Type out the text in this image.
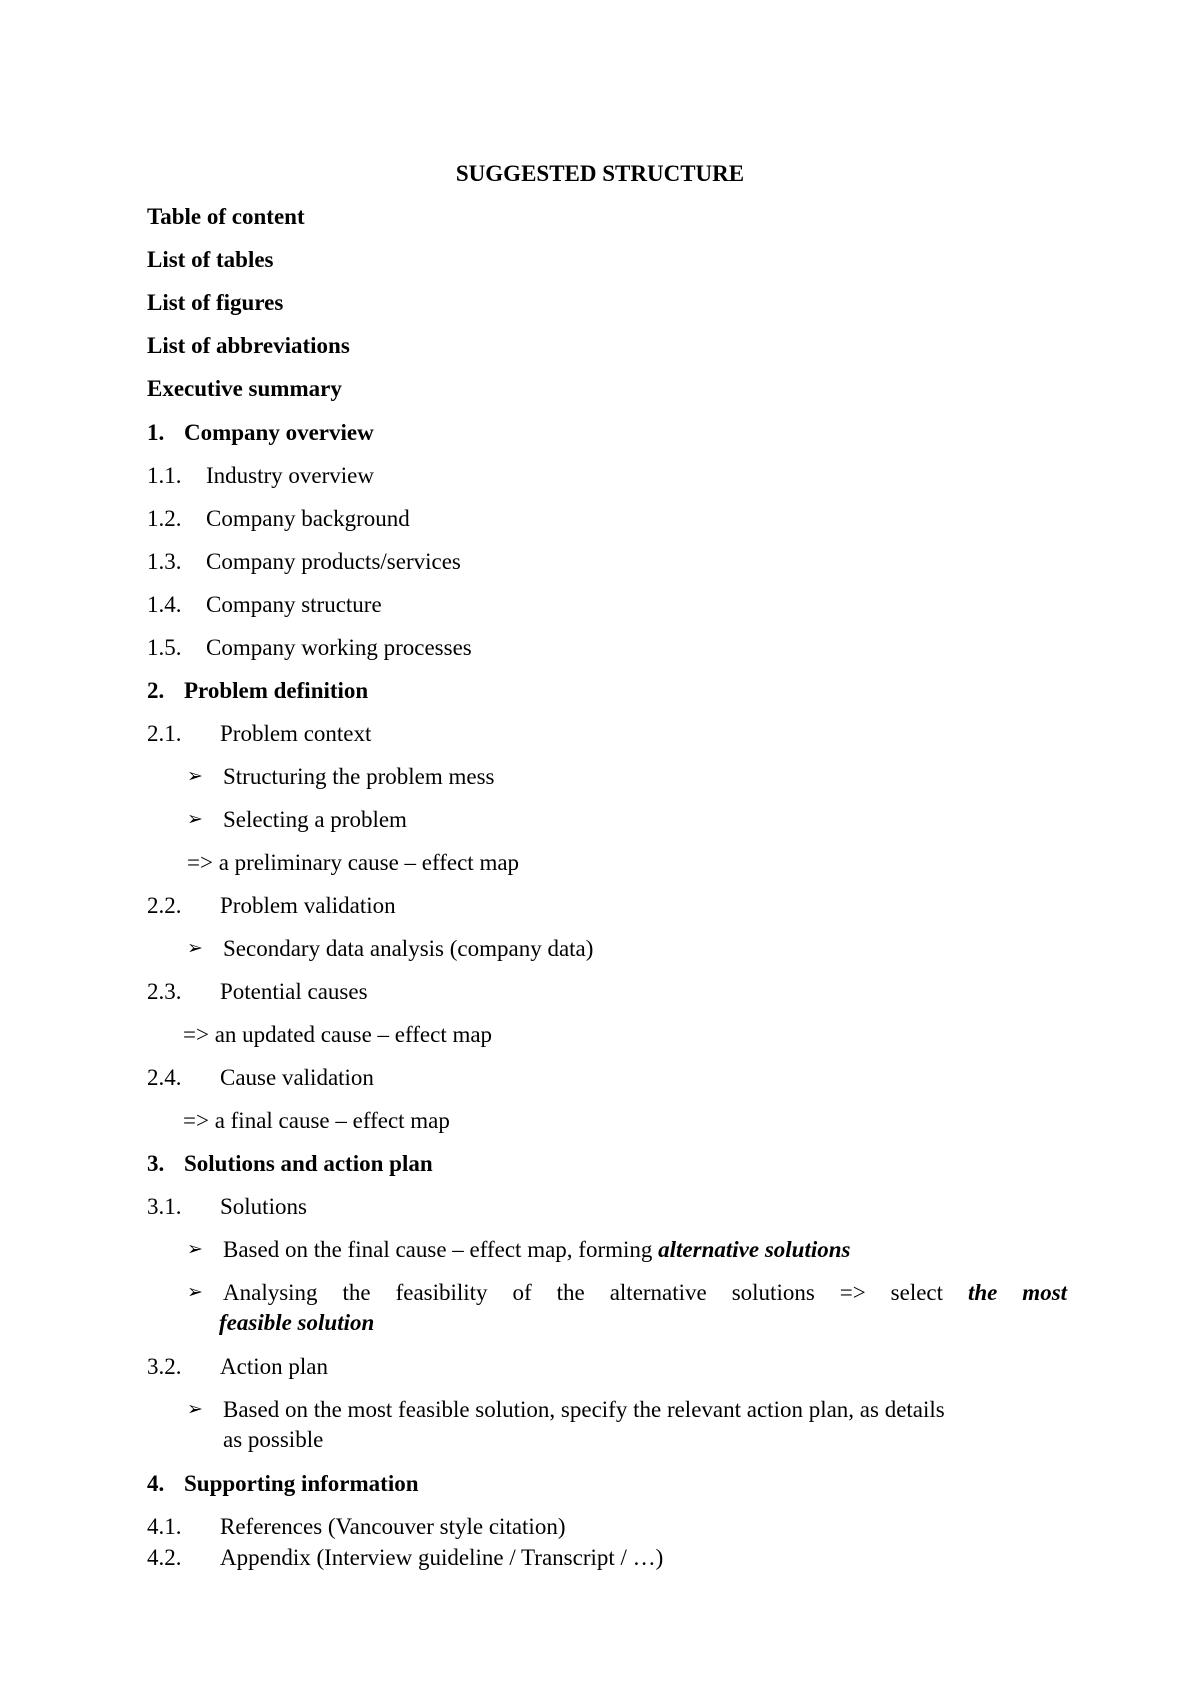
SUGGESTED STRUCTURE
Table of content
List of tables
List of figures
List of abbreviations
Executive summary
1. Company overview
1.1. Industry overview
1.2. Company background
1.3. Company products/services
1.4. Company structure
1.5. Company working processes
2. Problem definition
2.1. Problem context
➢ Structuring the problem mess
➢ Selecting a problem
=> a preliminary cause – effect map
2.2. Problem validation
➢ Secondary data analysis (company data)
2.3. Potential causes
=> an updated cause – effect map
2.4. Cause validation
=> a final cause – effect map
3. Solutions and action plan
3.1. Solutions
➢ Based on the final cause – effect map, forming alternative solutions
➢ Analysing the feasibility of the alternative solutions => select the most
feasible solution
3.2. Action plan
➢ Based on the most feasible solution, specify the relevant action plan, as details
as possible
4. Supporting information
4.1. References (Vancouver style citation)
4.2. Appendix (Interview guideline / Transcript / …)
